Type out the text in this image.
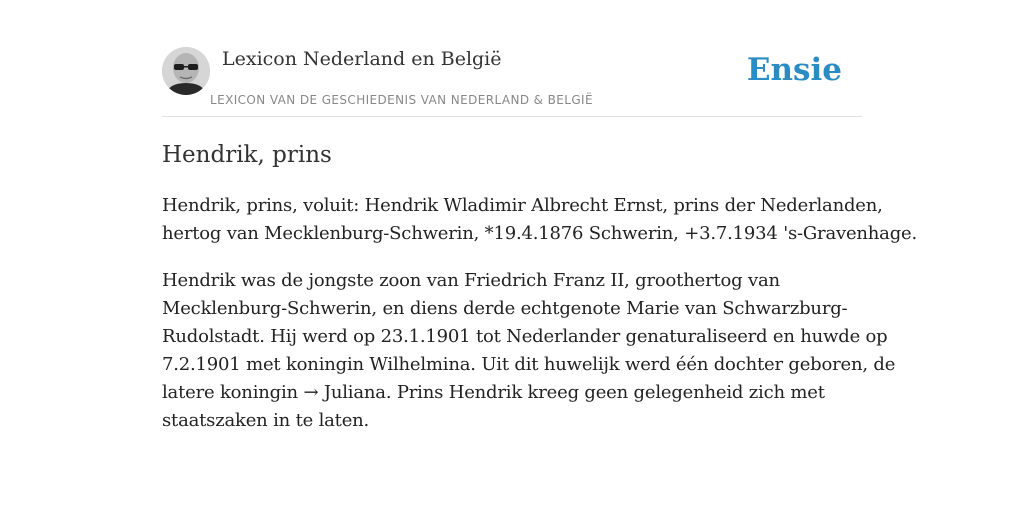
Lexicon Nederland en België
LEXICON VAN DE GESCHIEDENIS VAN NEDERLAND & BELGIË
Ensie
Hendrik, prins

Hendrik, prins, voluit: Hendrik Wladimir Albrecht Ernst, prins der Nederlanden,
hertog van Mecklenburg-Schwerin, *19.4.1876 Schwerin, +3.7.1934 's-Gravenhage.

Hendrik was de jongste zoon van Friedrich Franz II, groothertog van
Mecklenburg-Schwerin, en diens derde echtgenote Marie van Schwarzburg-
Rudolstadt. Hij werd op 23.1.1901 tot Nederlander genaturaliseerd en huwde op
7.2.1901 met koningin Wilhelmina. Uit dit huwelijk werd één dochter geboren, de
latere koningin → Juliana. Prins Hendrik kreeg geen gelegenheid zich met
staatszaken in te laten.
